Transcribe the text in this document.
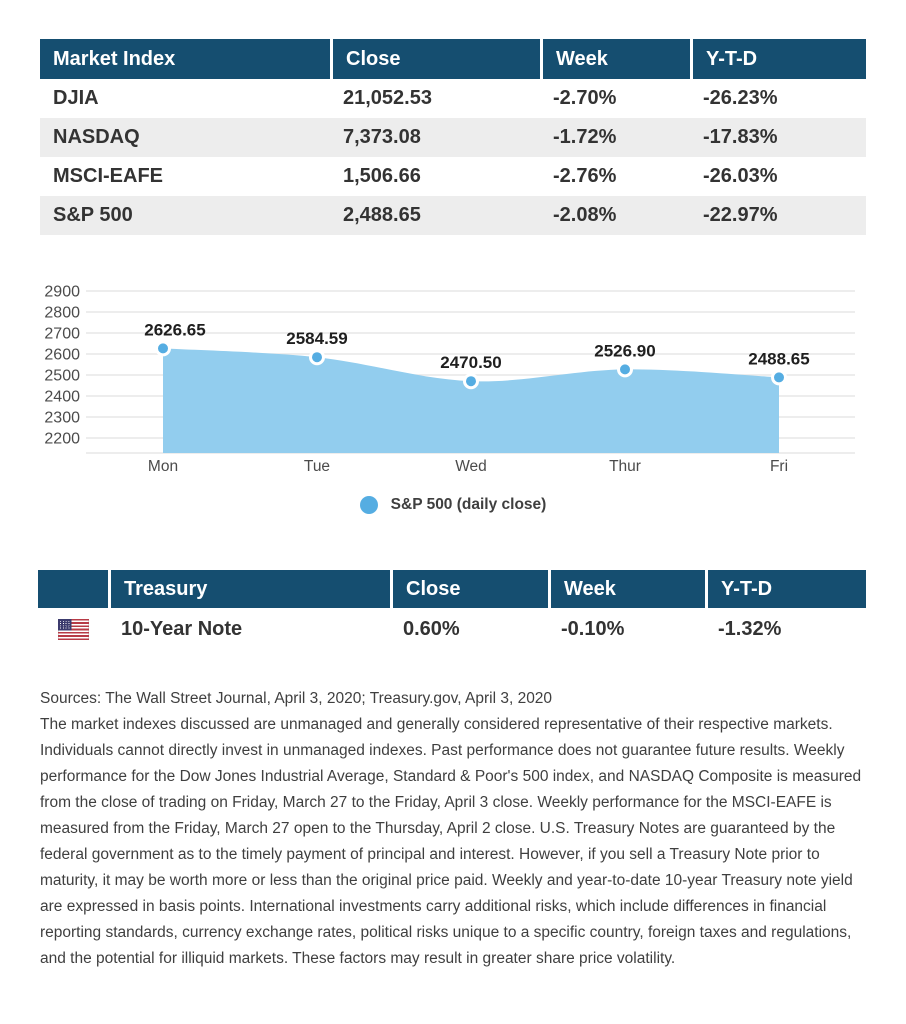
Market Index	Close	Week	Y-T-D
DJIA	21,052.53	-2.70%	-26.23%
NASDAQ	7,373.08	-1.72%	-17.83%
MSCI-EAFE	1,506.66	-2.76%	-26.03%
S&P 500	2,488.65	-2.08%	-22.97%
2900
2800
2700
2600
2500
2400
2300
2200
2626.65	2584.59
2470.50
2526.90	2488.65
Mon	Tue	Wed	Thur	Fri
S&P 500 (daily close)
Treasury	Close	Week	Y-T-D
10-Year Note	0.60%	-0.10%	-1.32%

Sources: The Wall Street Journal, April 3, 2020; Treasury.gov, April 3, 2020

The market indexes discussed are unmanaged and generally considered representative of their respective markets. Individuals cannot directly invest in unmanaged indexes. Past performance does not guarantee future results. Weekly performance for the Dow Jones Industrial Average, Standard & Poor's 500 index, and NASDAQ Composite is measured from the close of trading on Friday, March 27 to the Friday, April 3 close. Weekly performance for the MSCI-EAFE is measured from the Friday, March 27 open to the Thursday, April 2 close. U.S. Treasury Notes are guaranteed by the federal government as to the timely payment of principal and interest. However, if you sell a Treasury Note prior to maturity, it may be worth more or less than the original price paid. Weekly and year-to-date 10-year Treasury note yield are expressed in basis points. International investments carry additional risks, which include differences in financial reporting standards, currency exchange rates, political risks unique to a specific country, foreign taxes and regulations, and the potential for illiquid markets. These factors may result in greater share price volatility.
